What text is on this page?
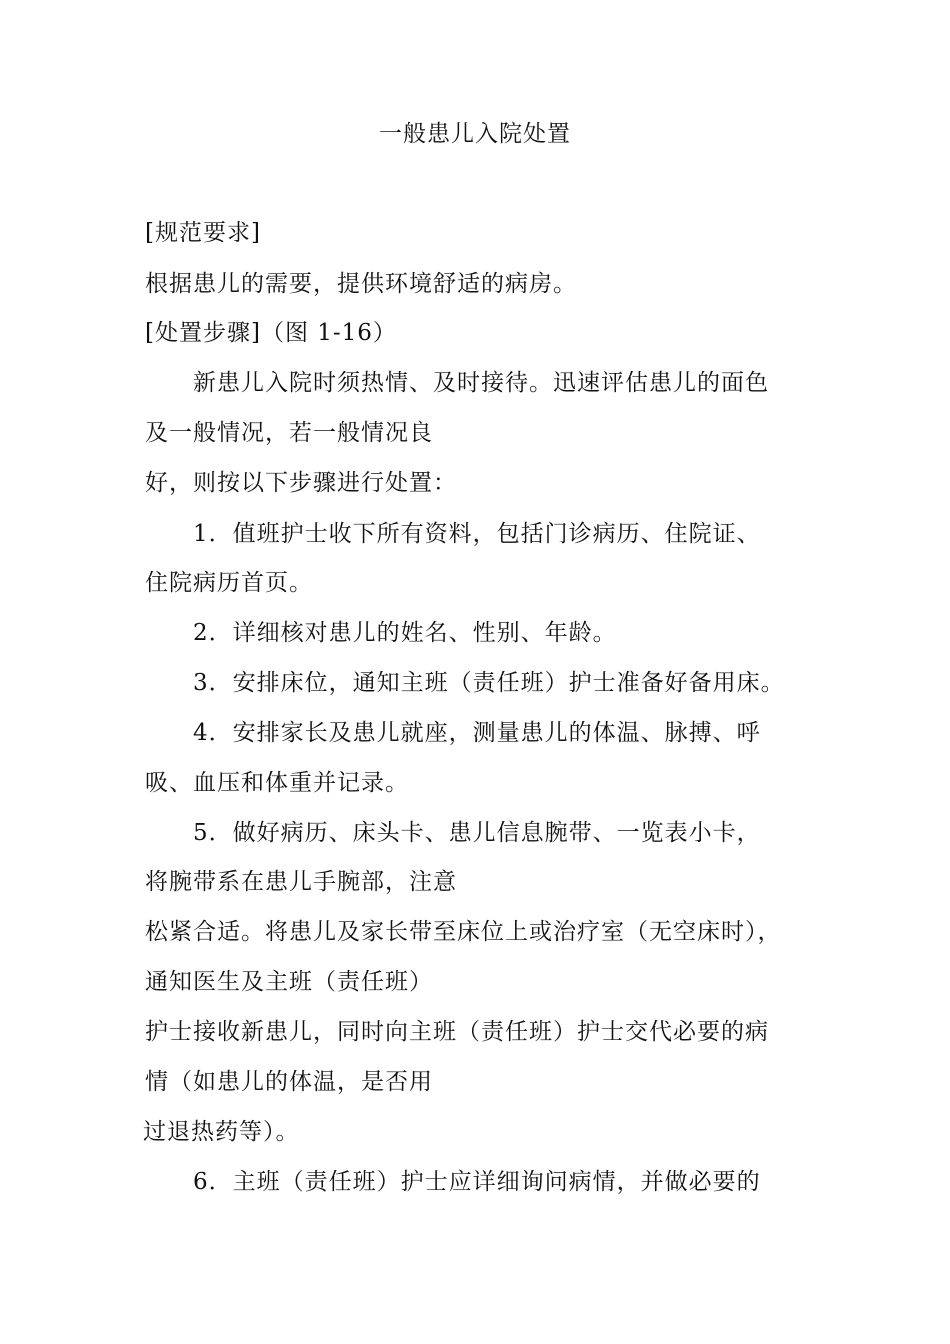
一般患儿入院处置
[规范要求]
根据患儿的需要，提供环境舒适的病房。
[处置步骤]（图 1-16）
新患儿入院时须热情、及时接待。迅速评估患儿的面色
及一般情况，若一般情况良
好，则按以下步骤进行处置：
1．值班护士收下所有资料，包括门诊病历、住院证、
住院病历首页。
2．详细核对患儿的姓名、性别、年龄。
3．安排床位，通知主班（责任班）护士准备好备用床。
4．安排家长及患儿就座，测量患儿的体温、脉搏、呼
吸、血压和体重并记录。
5．做好病历、床头卡、患儿信息腕带、一览表小卡，
将腕带系在患儿手腕部，注意
松紧合适。将患儿及家长带至床位上或治疗室（无空床时），
通知医生及主班（责任班）
护士接收新患儿，同时向主班（责任班）护士交代必要的病
情（如患儿的体温，是否用
过退热药等）。
6．主班（责任班）护士应详细询问病情，并做必要的
